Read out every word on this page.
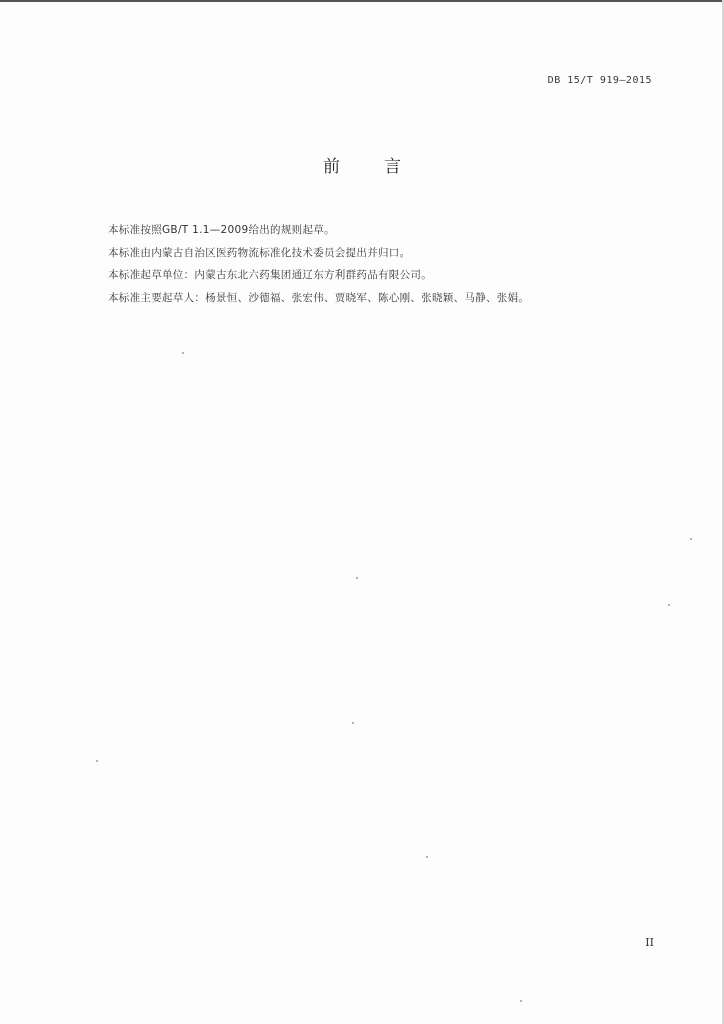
DB 15/T 919—2015
前	言
本标准按照GB/T 1.1—2009给出的规则起草。
本标准由内蒙古自治区医药物流标准化技术委员会提出并归口。
本标准起草单位：内蒙古东北六药集团通辽东方利群药品有限公司。
本标准主要起草人：杨景恒、沙德福、张宏伟、贾晓军、陈心刚、张晓颖、马静、张娟。
II
